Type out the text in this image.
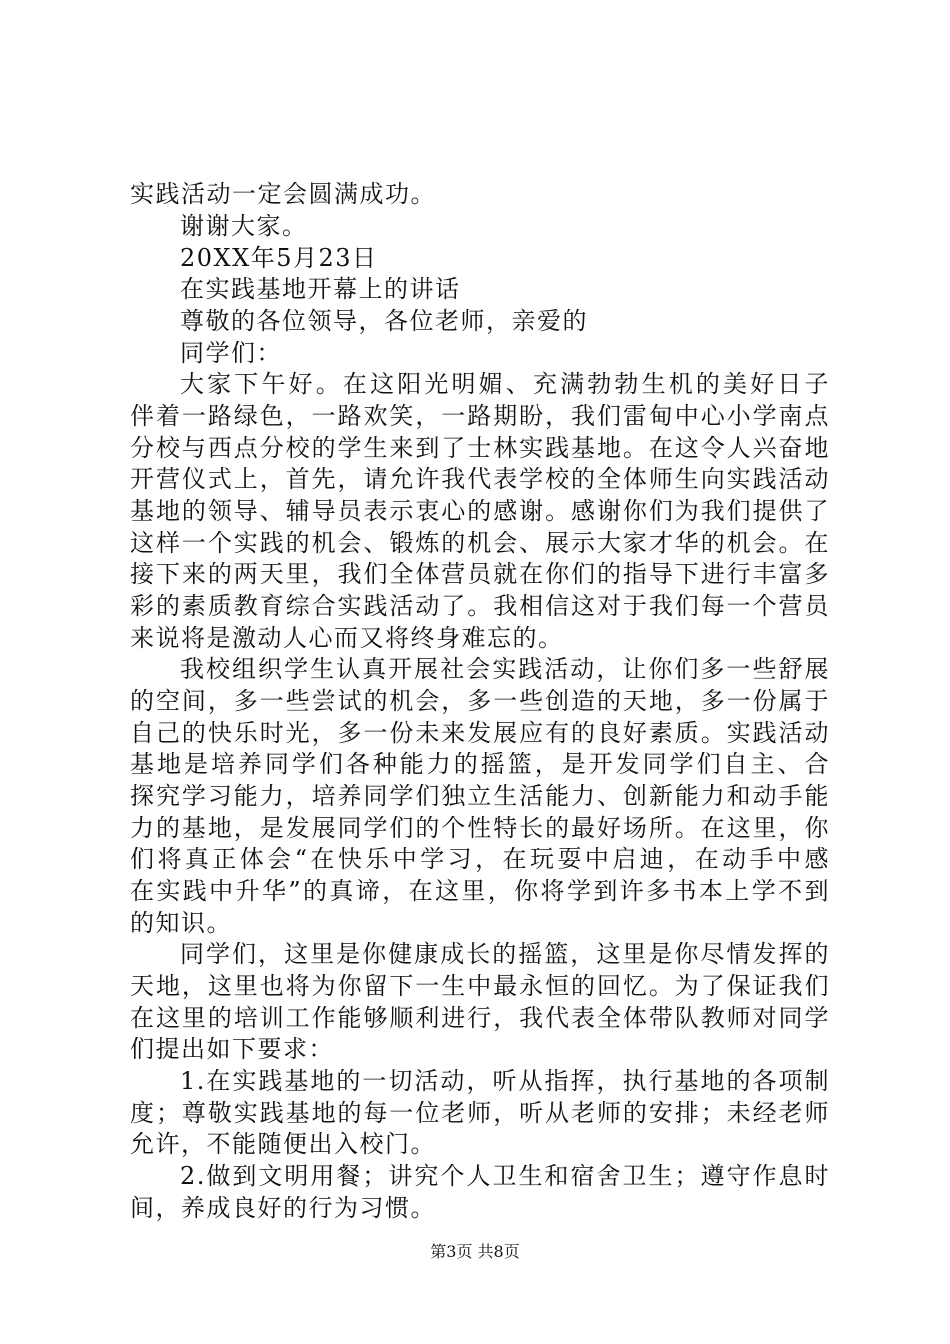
实践活动一定会圆满成功。
谢谢大家。
20XX年5月23日
在实践基地开幕上的讲话
尊敬的各位领导，各位老师，亲爱的
同学们：
大家下午好。在这阳光明媚、充满勃勃生机的美好日子
伴着一路绿色，一路欢笑，一路期盼，我们雷甸中心小学南点
分校与西点分校的学生来到了士林实践基地。在这令人兴奋地
开营仪式上，首先，请允许我代表学校的全体师生向实践活动
基地的领导、辅导员表示衷心的感谢。感谢你们为我们提供了
这样一个实践的机会、锻炼的机会、展示大家才华的机会。在
接下来的两天里，我们全体营员就在你们的指导下进行丰富多
彩的素质教育综合实践活动了。我相信这对于我们每一个营员
来说将是激动人心而又将终身难忘的。
我校组织学生认真开展社会实践活动，让你们多一些舒展
的空间，多一些尝试的机会，多一些创造的天地，多一份属于
自己的快乐时光，多一份未来发展应有的良好素质。实践活动
基地是培养同学们各种能力的摇篮，是开发同学们自主、合
探究学习能力，培养同学们独立生活能力、创新能力和动手能
力的基地，是发展同学们的个性特长的最好场所。在这里，你
们将真正体会“在快乐中学习，在玩耍中启迪，在动手中感
在实践中升华”的真谛，在这里，你将学到许多书本上学不到
的知识。
同学们，这里是你健康成长的摇篮，这里是你尽情发挥的
天地，这里也将为你留下一生中最永恒的回忆。为了保证我们
在这里的培训工作能够顺利进行，我代表全体带队教师对同学
们提出如下要求：
1.在实践基地的一切活动，听从指挥，执行基地的各项制
度；尊敬实践基地的每一位老师，听从老师的安排；未经老师
允许，不能随便出入校门。
2.做到文明用餐；讲究个人卫生和宿舍卫生；遵守作息时
间，养成良好的行为习惯。
第3页 共8页
